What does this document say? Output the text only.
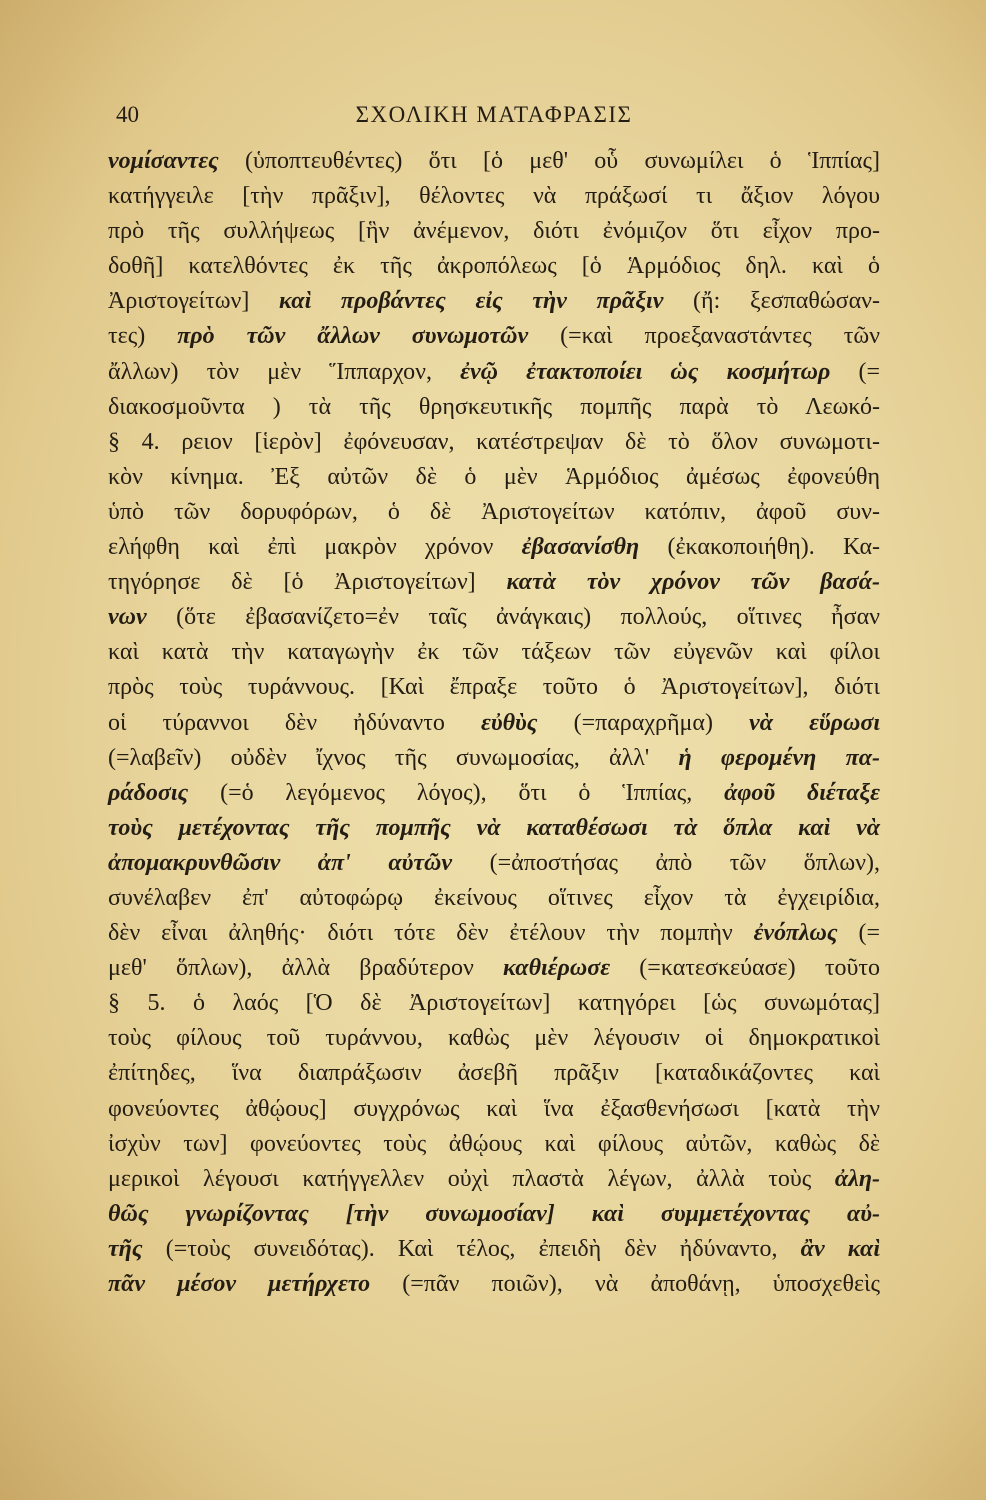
40	ΣΧΟΛΙΚΗ ΜΑΤΑΦΡΑΣΙΣ
νομίσαντες (ὑποπτευθέντες) ὅτι [ὁ μεθ' οὗ συνωμίλει ὁ Ἱππίας]
κατήγγειλε [τὴν πρᾶξιν], θέλοντες νὰ πράξωσί τι ἄξιον λόγου
πρὸ τῆς συλλήψεως [ἣν ἀνέμενον, διότι ἐνόμιζον ὅτι εἶχον προ-
δοθῆ] κατελθόντες ἐκ τῆς ἀκροπόλεως [ὁ Ἁρμόδιος δηλ. καὶ ὁ
Ἀριστογείτων] καὶ προβάντες εἰς τὴν πρᾶξιν (ἤ: ξεσπαθώσαν-
τες) πρὸ τῶν ἄλλων συνωμοτῶν (=καὶ προεξαναστάντες τῶν
ἄλλων) τὸν μὲν Ἵππαρχον, ἐνῷ ἐτακτοποίει ὡς κοσμήτωρ (=
διακοσμοῦντα ) τὰ τῆς θρησκευτικῆς πομπῆς παρὰ τὸ Λεωκό-
§ 4. ρειον [ἱερὸν] ἐφόνευσαν, κατέστρεψαν δὲ τὸ ὅλον συνωμοτι-
κὸν κίνημα. Ἐξ αὐτῶν δὲ ὁ μὲν Ἁρμόδιος ἀμέσως ἐφονεύθη
ὑπὸ τῶν δορυφόρων, ὁ δὲ Ἀριστογείτων κατόπιν, ἀφοῦ συν-
ελήφθη καὶ ἐπὶ μακρὸν χρόνον ἐβασανίσθη (ἐκακοποιήθη). Κα-
τηγόρησε δὲ [ὁ Ἀριστογείτων] κατὰ τὸν χρόνον τῶν βασά-
νων (ὅτε ἐβασανίζετο=ἐν ταῖς ἀνάγκαις) πολλούς, οἵτινες ἦσαν
καὶ κατὰ τὴν καταγωγὴν ἐκ τῶν τάξεων τῶν εὐγενῶν καὶ φίλοι
πρὸς τοὺς τυράννους. [Καὶ ἔπραξε τοῦτο ὁ Ἀριστογείτων], διότι
οἱ τύραννοι δὲν ἠδύναντο εὐθὺς (=παραχρῆμα) νὰ εὕρωσι
(=λαβεῖν) οὐδὲν ἴχνος τῆς συνωμοσίας, ἀλλ' ἡ φερομένη πα-
ράδοσις (=ὁ λεγόμενος λόγος), ὅτι ὁ Ἱππίας, ἀφοῦ διέταξε
τοὺς μετέχοντας τῆς πομπῆς νὰ καταθέσωσι τὰ ὅπλα καὶ νὰ
ἀπομακρυνθῶσιν ἀπ' αὐτῶν (=ἀποστήσας ἀπὸ τῶν ὅπλων),
συνέλαβεν ἐπ' αὐτοφώρῳ ἐκείνους οἵτινες εἶχον τὰ ἐγχειρίδια,
δὲν εἶναι ἀληθής· διότι τότε δὲν ἐτέλουν τὴν πομπὴν ἐνόπλως (=
μεθ' ὅπλων), ἀλλὰ βραδύτερον καθιέρωσε (=κατεσκεύασε) τοῦτο
§ 5. ὁ λαός [Ὁ δὲ Ἀριστογείτων] κατηγόρει [ὡς συνωμότας]
τοὺς φίλους τοῦ τυράννου, καθὼς μὲν λέγουσιν οἱ δημοκρατικοὶ
ἐπίτηδες, ἵνα διαπράξωσιν ἀσεβῆ πρᾶξιν [καταδικάζοντες καὶ
φονεύοντες ἀθῴους] συγχρόνως καὶ ἵνα ἐξασθενήσωσι [κατὰ τὴν
ἰσχὺν των] φονεύοντες τοὺς ἀθῴους καὶ φίλους αὐτῶν, καθὼς δὲ
μερικοὶ λέγουσι κατήγγελλεν οὐχὶ πλαστὰ λέγων, ἀλλὰ τοὺς ἀλη-
θῶς γνωρίζοντας [τὴν συνωμοσίαν] καὶ συμμετέχοντας αὐ-
τῆς (=τοὺς συνειδότας). Καὶ τέλος, ἐπειδὴ δὲν ἠδύναντο, ἂν καὶ
πᾶν μέσον μετήρχετο (=πᾶν ποιῶν), νὰ ἀποθάνῃ, ὑποσχεθεὶς
